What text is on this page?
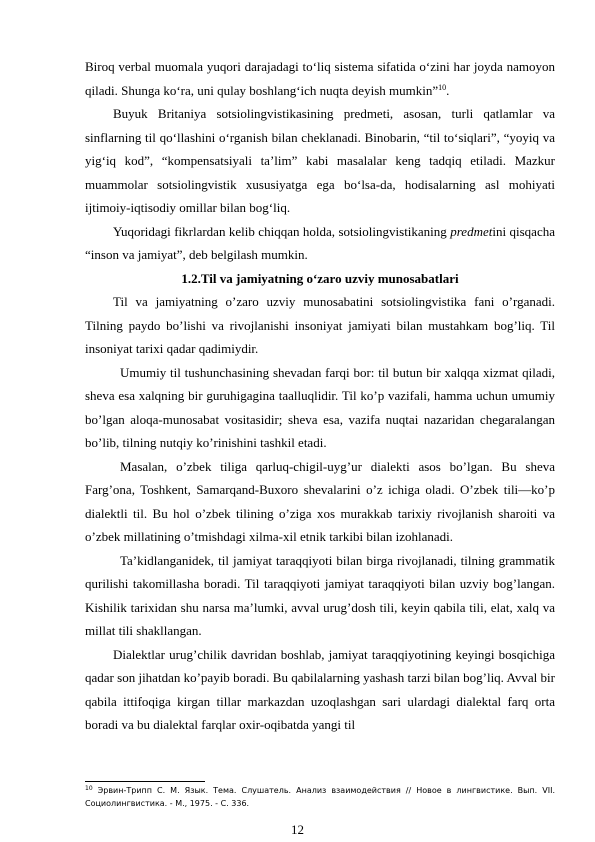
Biroq verbal muomala yuqori darajadagi to‘liq sistema sifatida o‘zini har joyda namoyon qiladi. Shunga ko‘ra, uni qulay boshlang‘ich nuqta deyish mumkin”$^{10}$.

Buyuk Britaniya sotsiolingvistikasining predmeti, asosan, turli qatlamlar va sinflarning til qo‘llashini o‘rganish bilan cheklanadi. Binobarin, “til to‘siqlari”, “yoyiq va yig‘iq kod”, “kompensatsiyali ta’lim” kabi masalalar keng tadqiq etiladi. Mazkur muammolar sotsiolingvistik xususiyatga ega bo‘lsa-da, hodisalarning asl mohiyati ijtimoiy-iqtisodiy omillar bilan bog‘liq.

Yuqoridagi fikrlardan kelib chiqqan holda, sotsiolingvistikaning predmetini qisqacha “inson va jamiyat”, deb belgilash mumkin.

1.2.Til va jamiyatning o‘zaro uzviy munosabatlari

Til va jamiyatning o’zaro uzviy munosabatini sotsiolingvistika fani o’rganadi. Tilning paydo bo’lishi va rivojlanishi insoniyat jamiyati bilan mustahkam bog’liq. Til insoniyat tarixi qadar qadimiydir.

Umumiy til tushunchasining shevadan farqi bor: til butun bir xalqqa xizmat qiladi, sheva esa xalqning bir guruhigagina taalluqlidir. Til ko’p vazifali, hamma uchun umumiy bo’lgan aloqa-munosabat vositasidir; sheva esa, vazifa nuqtai nazaridan chegaralangan bo’lib, tilning nutqiy ko’rinishini tashkil etadi.

Masalan, o’zbek tiliga qarluq-chigil-uyg’ur dialekti asos bo’lgan. Bu sheva Farg’ona, Toshkent, Samarqand-Buxoro shevalarini o’z ichiga oladi. O’zbek tili—ko’p dialektli til. Bu hol o’zbek tilining o’ziga xos murakkab tarixiy rivojlanish sharoiti va o’zbek millatining o’tmishdagi xilma-xil etnik tarkibi bilan izohlanadi.

Ta’kidlanganidek, til jamiyat taraqqiyoti bilan birga rivojlanadi, tilning grammatik qurilishi takomillasha boradi. Til taraqqiyoti jamiyat taraqqiyoti bilan uzviy bog’langan. Kishilik tarixidan shu narsa ma’lumki, avval urug’dosh tili, keyin qabila tili, elat, xalq va millat tili shakllangan.

Dialektlar urug’chilik davridan boshlab, jamiyat taraqqiyotining keyingi bosqichiga qadar son jihatdan ko’payib boradi. Bu qabilalarning yashash tarzi bilan bog’liq. Avval bir qabila ittifoqiga kirgan tillar markazdan uzoqlashgan sari ulardagi dialektal farq orta boradi va bu dialektal farqlar oxir-oqibatda yangi til

$^{10}$ Эрвин-Трипп С. М. Язык. Тема. Слушатель. Анализ взаимодействия // Новое в лингвистике. Вып. VII. Социолингвистика. - М., 1975. - С. 336.
12
